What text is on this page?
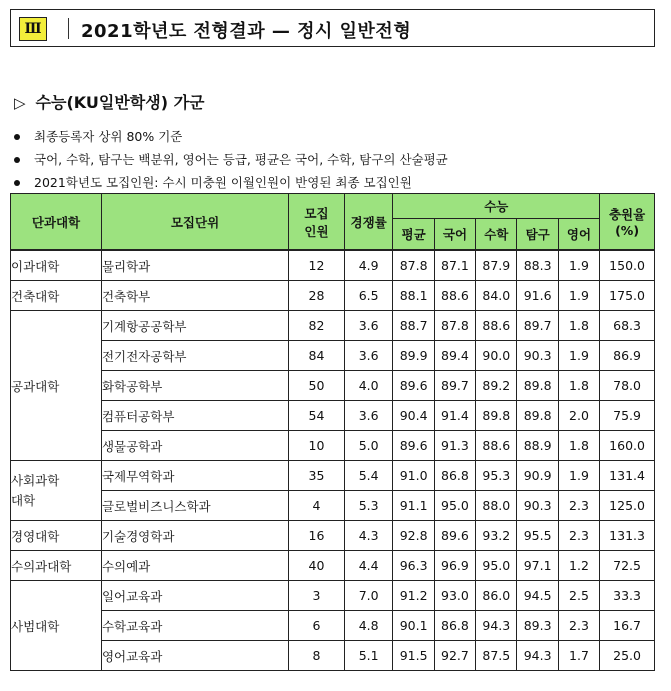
Ⅲ	2021학년도 전형결과 — 정시 일반전형
▷ 수능(KU일반학생) 가군
최종등록자 상위 80% 기준
국어, 수학, 탐구는 백분위, 영어는 등급, 평균은 국어, 수학, 탐구의 산술평균
2021학년도 모집인원: 수시 미충원 이월인원이 반영된 최종 모집인원
단과대학	모집단위	모집
인원	경쟁률	수능					충원율
(%)
				평균	국어	수학	탐구	영어	
이과대학	물리학과	12	4.9	87.8	87.1	87.9	88.3	1.9	150.0
건축대학	건축학부	28	6.5	88.1	88.6	84.0	91.6	1.9	175.0
공과대학	기계항공공학부	82	3.6	88.7	87.8	88.6	89.7	1.8	68.3
	전기전자공학부	84	3.6	89.9	89.4	90.0	90.3	1.9	86.9
	화학공학부	50	4.0	89.6	89.7	89.2	89.8	1.8	78.0
	컴퓨터공학부	54	3.6	90.4	91.4	89.8	89.8	2.0	75.9
	생물공학과	10	5.0	89.6	91.3	88.6	88.9	1.8	160.0
사회과학대학	국제무역학과	35	5.4	91.0	86.8	95.3	90.9	1.9	131.4
	글로벌비즈니스학과	4	5.3	91.1	95.0	88.0	90.3	2.3	125.0
경영대학	기술경영학과	16	4.3	92.8	89.6	93.2	95.5	2.3	131.3
수의과대학	수의예과	40	4.4	96.3	96.9	95.0	97.1	1.2	72.5
사범대학	일어교육과	3	7.0	91.2	93.0	86.0	94.5	2.5	33.3
	수학교육과	6	4.8	90.1	86.8	94.3	89.3	2.3	16.7
	영어교육과	8	5.1	91.5	92.7	87.5	94.3	1.7	25.0
